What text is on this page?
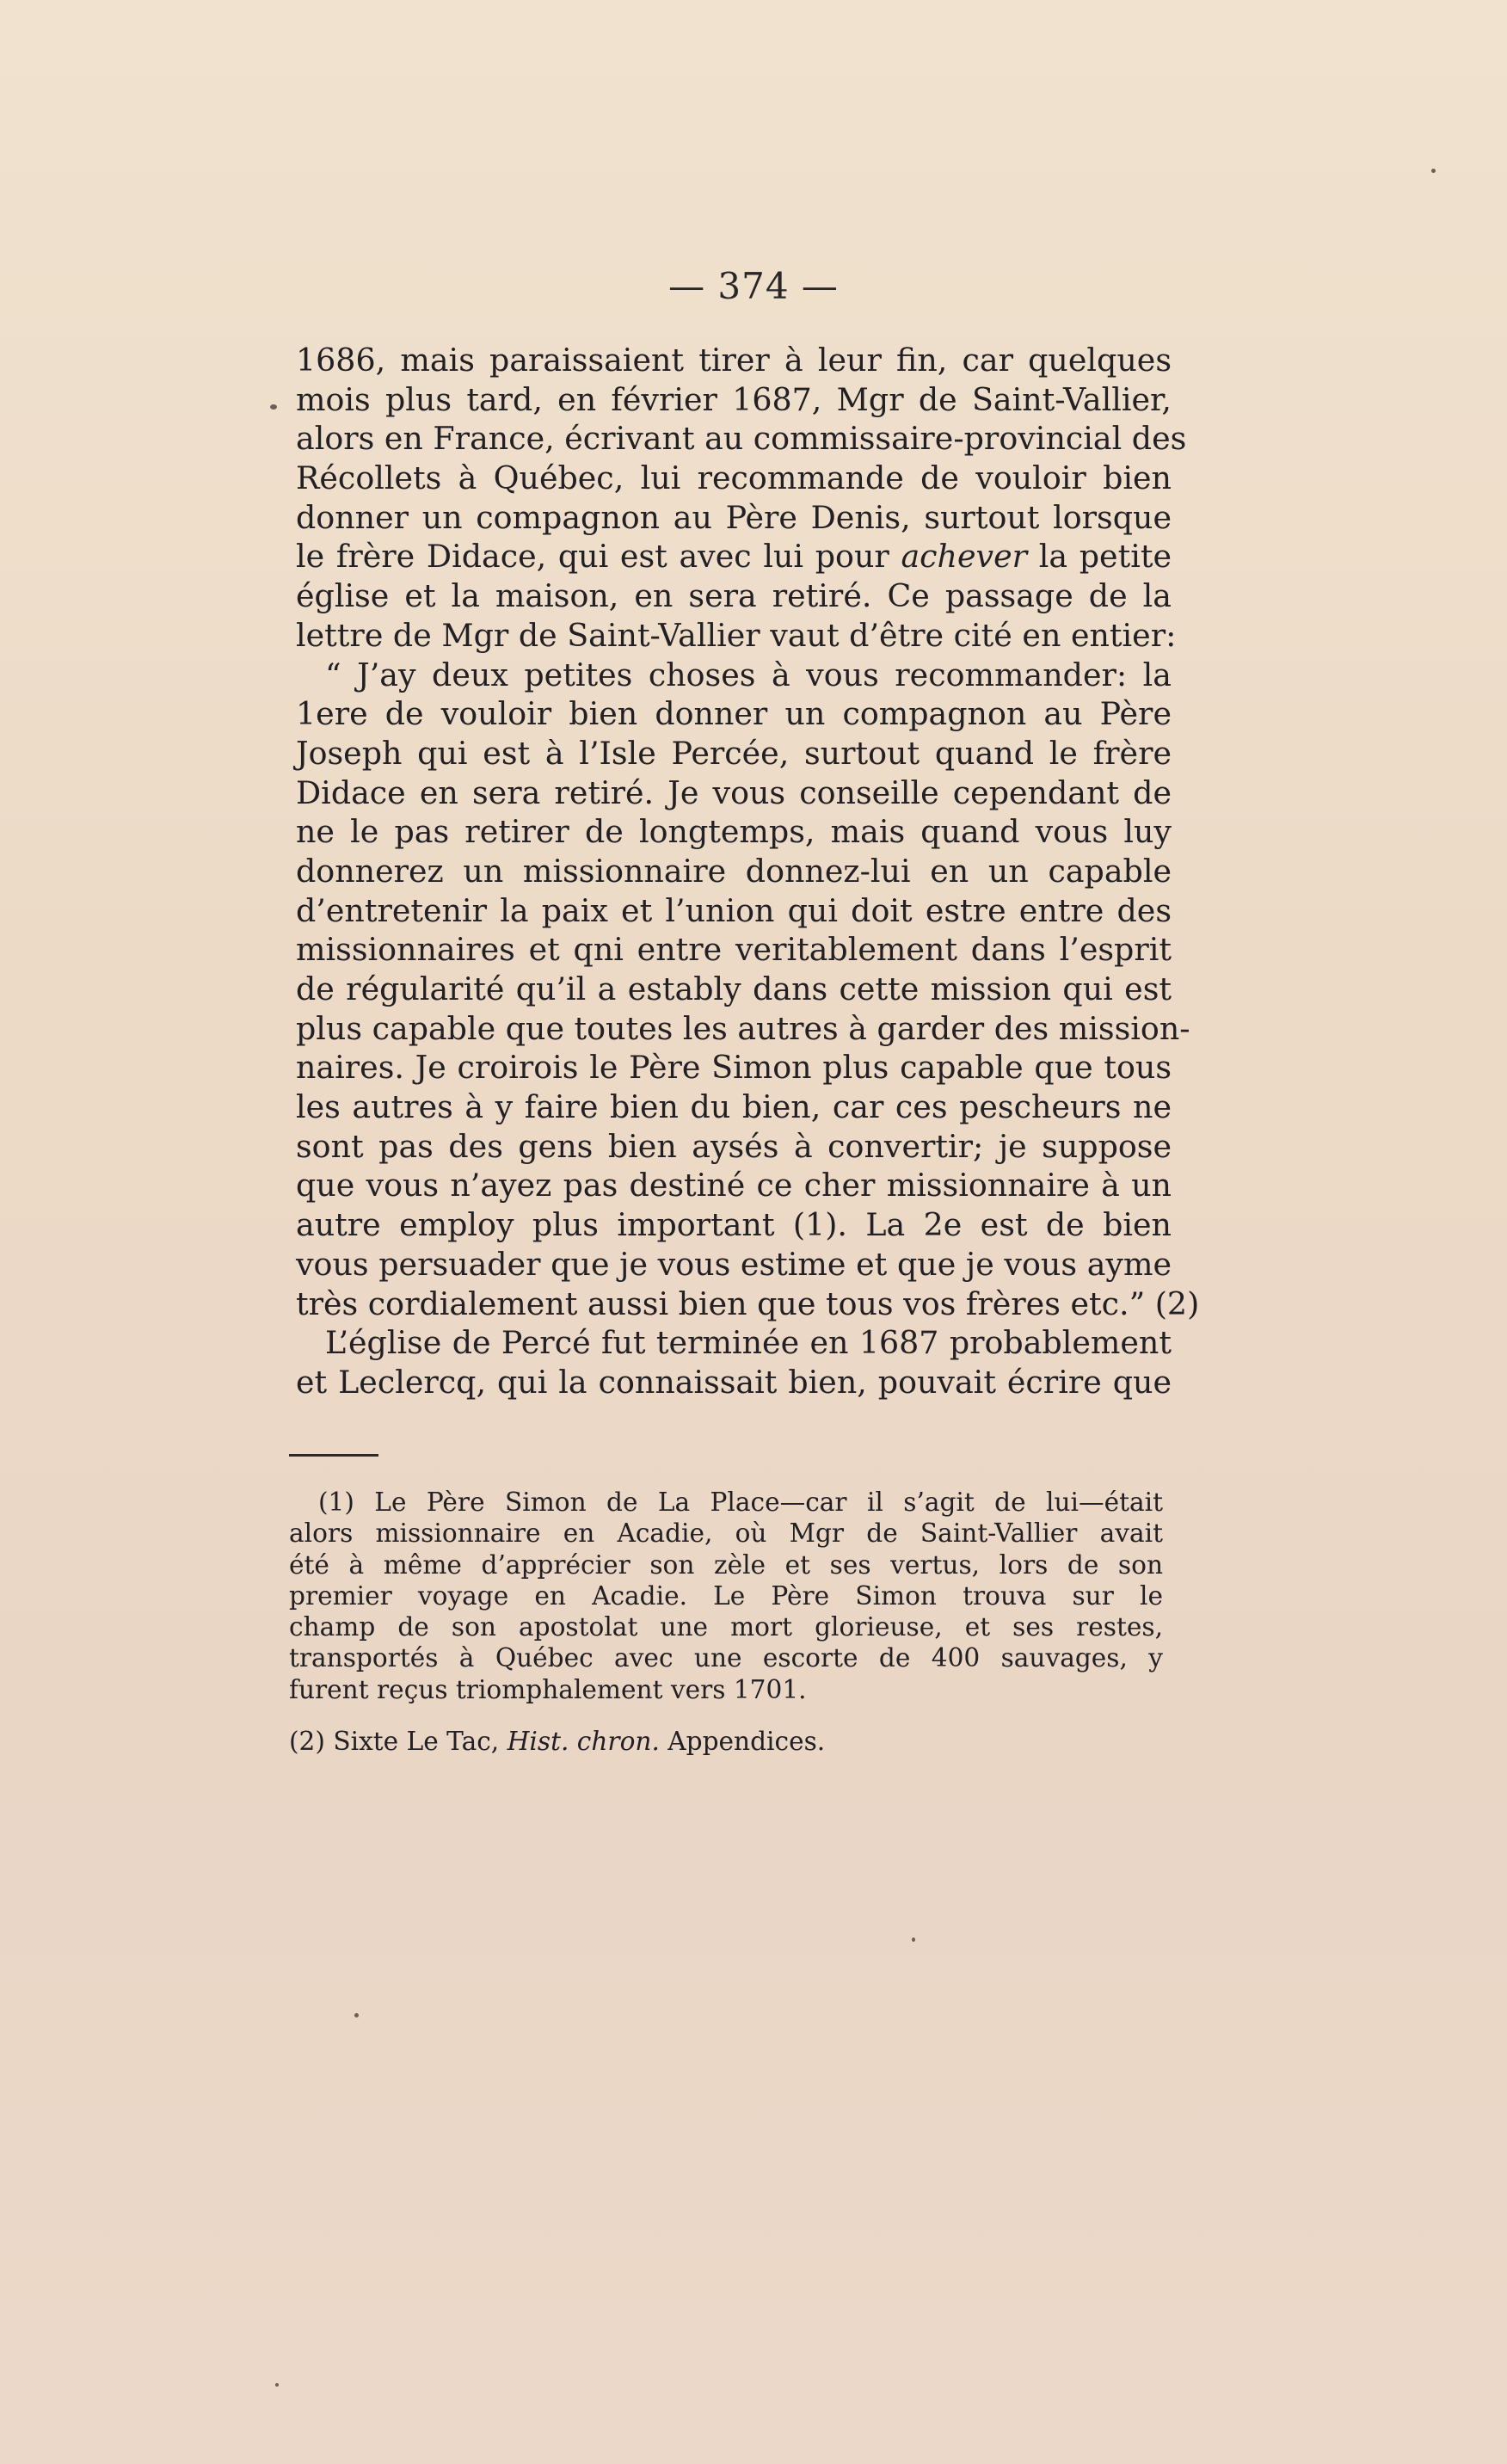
— 374 —
1686, mais paraissaient tirer à leur fin, car quelques
mois plus tard, en février 1687, Mgr de Saint-Vallier,
alors en France, écrivant au commissaire-provincial des
Récollets à Québec, lui recommande de vouloir bien
donner un compagnon au Père Denis, surtout lorsque
le frère Didace, qui est avec lui pour achever la petite
église et la maison, en sera retiré. Ce passage de la
lettre de Mgr de Saint-Vallier vaut d’être cité en entier:
“ J’ay deux petites choses à vous recommander: la
1ere de vouloir bien donner un compagnon au Père
Joseph qui est à l’Isle Percée, surtout quand le frère
Didace en sera retiré. Je vous conseille cependant de
ne le pas retirer de longtemps, mais quand vous luy
donnerez un missionnaire donnez-lui en un capable
d’entretenir la paix et l’union qui doit estre entre des
missionnaires et qni entre veritablement dans l’esprit
de régularité qu’il a estably dans cette mission qui est
plus capable que toutes les autres à garder des mission-
naires. Je croirois le Père Simon plus capable que tous
les autres à y faire bien du bien, car ces pescheurs ne
sont pas des gens bien aysés à convertir; je suppose
que vous n’ayez pas destiné ce cher missionnaire à un
autre employ plus important (1). La 2e est de bien
vous persuader que je vous estime et que je vous ayme
très cordialement aussi bien que tous vos frères etc.” (2)
L’église de Percé fut terminée en 1687 probablement
et Leclercq, qui la connaissait bien, pouvait écrire que
(1) Le Père Simon de La Place—car il s’agit de lui—était
alors missionnaire en Acadie, où Mgr de Saint-Vallier avait
été à même d’apprécier son zèle et ses vertus, lors de son
premier voyage en Acadie. Le Père Simon trouva sur le
champ de son apostolat une mort glorieuse, et ses restes,
transportés à Québec avec une escorte de 400 sauvages, y
furent reçus triomphalement vers 1701.
(2) Sixte Le Tac, Hist. chron. Appendices.
